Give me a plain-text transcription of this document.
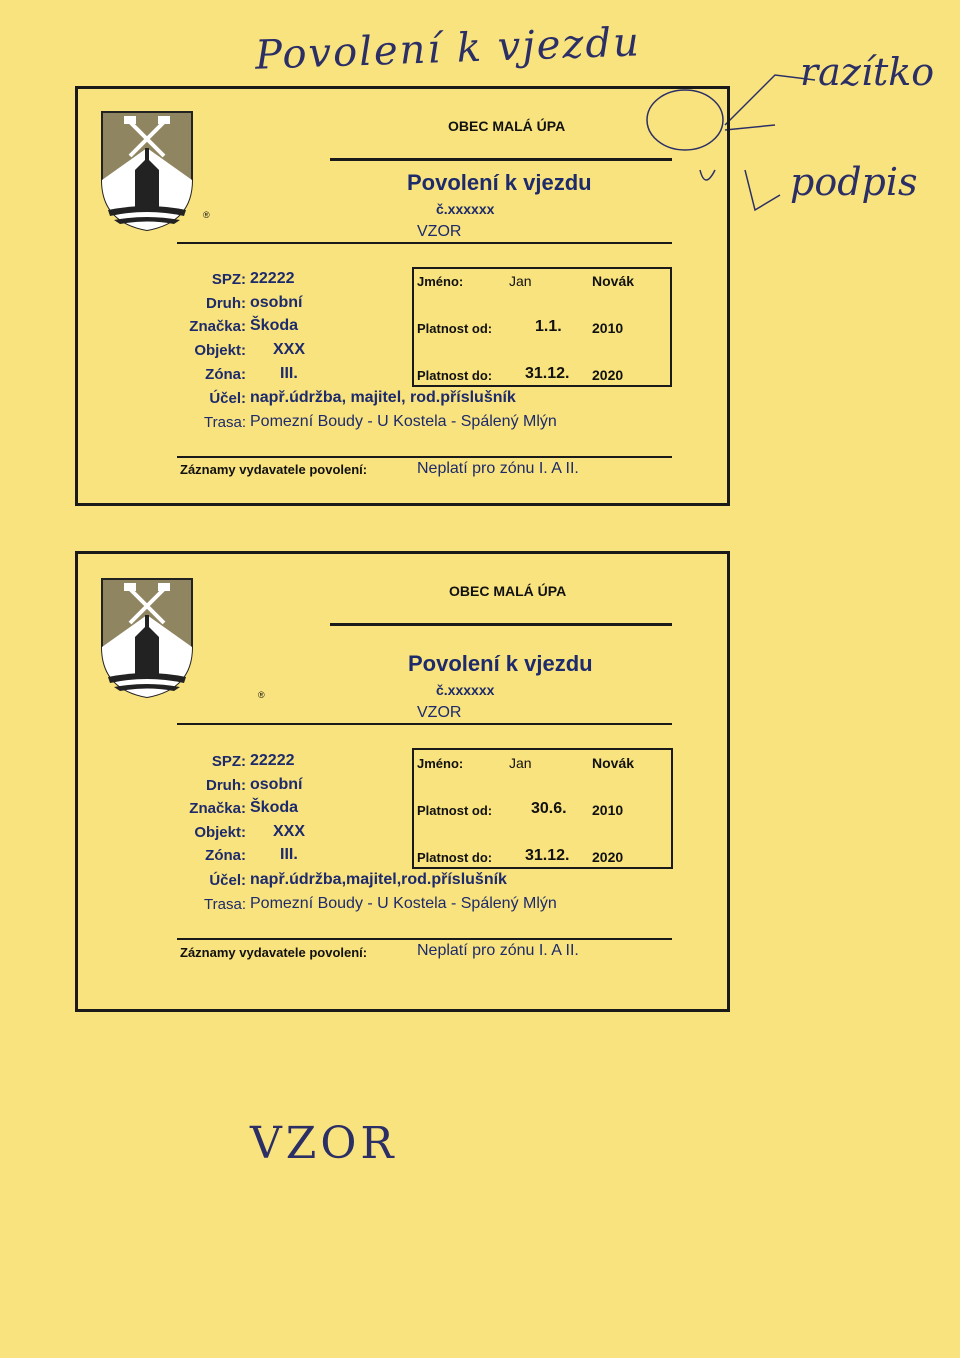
Povolení k vjezdu	razítko
podpis
VZOR
®
OBEC MALÁ ÚPA
Povolení k vjezdu
č.xxxxxx
VZOR
SPZ: 22222
Druh: osobní
Značka: Škoda
Objekt: XXX
Zóna: III.
Účel: např.údržba, majitel, rod.příslušník
Trasa: Pomezní Boudy - U Kostela - Spálený Mlýn
Jméno:	Jan	Novák
Platnost od:	1.1. 2010
Platnost do: 31.12. 2020
Záznamy vydavatele povolení:	Neplatí pro zónu I. A II.
®
OBEC MALÁ ÚPA
Povolení k vjezdu
č.xxxxxx
VZOR
SPZ: 22222
Druh: osobní
Značka: Škoda
Objekt: XXX
Zóna: III.
Účel: např.údržba,majitel,rod.příslušník
Trasa: Pomezní Boudy - U Kostela - Spálený Mlýn
Jméno:	Jan	Novák
Platnost od: 30.6. 2010
Platnost do: 31.12. 2020
Záznamy vydavatele povolení:	Neplatí pro zónu I. A II.
